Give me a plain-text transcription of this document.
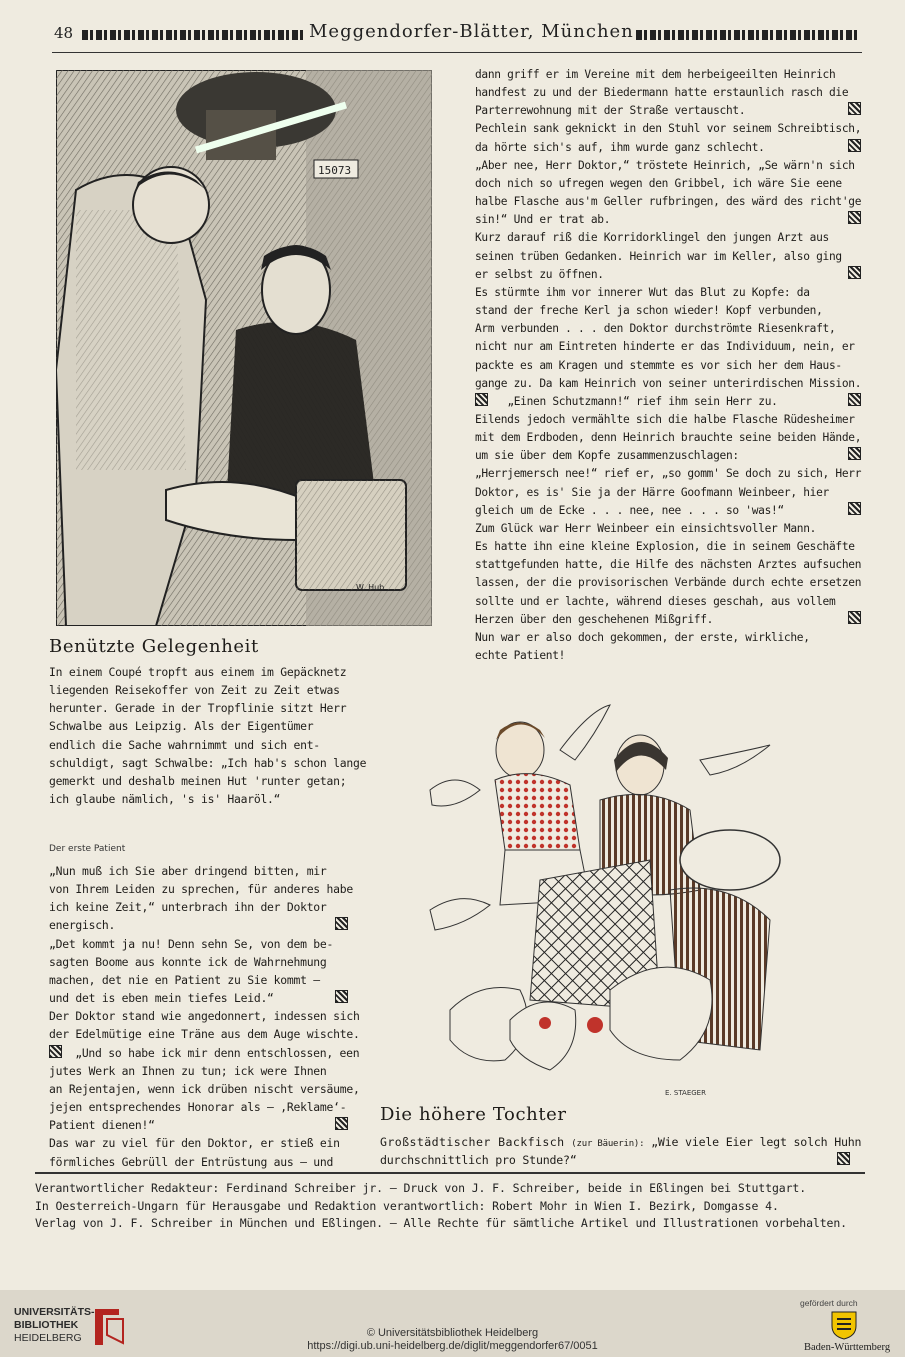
48	Meggendorfer-Blätter, München
15073
W. Hub
Benützte Gelegenheit

In einem Coupé tropft aus einem im Gepäcknetz

liegenden Reisekoffer von Zeit zu Zeit etwas

herunter. Gerade in der Tropflinie sitzt Herr

Schwalbe aus Leipzig. Als der Eigentümer

endlich die Sache wahrnimmt und sich ent-

schuldigt, sagt Schwalbe: „Ich hab's schon lange

gemerkt und deshalb meinen Hut 'runter getan;

ich glaube nämlich, 's is' Haaröl.“

Der erste Patient

„Nun muß ich Sie aber dringend bitten, mir

von Ihrem Leiden zu sprechen, für anderes habe

ich keine Zeit,“ unterbrach ihn der Doktor

energisch.

„Det kommt ja nu! Denn sehn Se, von dem be-

sagten Boome aus konnte ick de Wahrnehmung

machen, det nie en Patient zu Sie kommt —

und det is eben mein tiefes Leid.“

Der Doktor stand wie angedonnert, indessen sich

der Edelmütige eine Träne aus dem Auge wischte.

„Und so habe ick mir denn entschlossen, een

jutes Werk an Ihnen zu tun; ick were Ihnen

an Rejentajen, wenn ick drüben nischt versäume,

jejen entsprechendes Honorar als — ‚Reklame‘-

Patient dienen!“

Das war zu viel für den Doktor, er stieß ein

förmliches Gebrüll der Entrüstung aus — und

dann griff er im Vereine mit dem herbeigeeilten Heinrich

handfest zu und der Biedermann hatte erstaunlich rasch die

Parterrewohnung mit der Straße vertauscht.

Pechlein sank geknickt in den Stuhl vor seinem Schreibtisch,

da hörte sich's auf, ihm wurde ganz schlecht.

„Aber nee, Herr Doktor,“ tröstete Heinrich, „Se wärn'n sich

doch nich so ufregen wegen den Gribbel, ich wäre Sie eene

halbe Flasche aus'm Geller rufbringen, des wärd des richt'ge

sin!“ Und er trat ab.

Kurz darauf riß die Korridorklingel den jungen Arzt aus

seinen trüben Gedanken. Heinrich war im Keller, also ging

er selbst zu öffnen.

Es stürmte ihm vor innerer Wut das Blut zu Kopfe: da

stand der freche Kerl ja schon wieder! Kopf verbunden,

Arm verbunden . . . den Doktor durchströmte Riesenkraft,

nicht nur am Eintreten hinderte er das Individuum, nein, er

packte es am Kragen und stemmte es vor sich her dem Haus-

gange zu. Da kam Heinrich von seiner unterirdischen Mission.

„Einen Schutzmann!“ rief ihm sein Herr zu.

Eilends jedoch vermählte sich die halbe Flasche Rüdesheimer

mit dem Erdboden, denn Heinrich brauchte seine beiden Hände,

um sie über dem Kopfe zusammenzuschlagen:

„Herrjemersch nee!“ rief er, „so gomm' Se doch zu sich, Herr

Doktor, es is' Sie ja der Härre Goofmann Weinbeer, hier

gleich um de Ecke . . . nee, nee . . . so 'was!“

Zum Glück war Herr Weinbeer ein einsichtsvoller Mann.

Es hatte ihn eine kleine Explosion, die in seinem Geschäfte

stattgefunden hatte, die Hilfe des nächsten Arztes aufsuchen

lassen, der die provisorischen Verbände durch echte ersetzen

sollte und er lachte, während dieses geschah, aus vollem

Herzen über den geschehenen Mißgriff.

Nun war er also doch gekommen, der erste, wirkliche,

echte Patient!

E. STAEGER
Die höhere Tochter
Großstädtischer Backfisch (zur Bäuerin): „Wie viele Eier legt solch Huhn
durchschnittlich pro Stunde?“
Verantwortlicher Redakteur: Ferdinand Schreiber jr. — Druck von J. F. Schreiber, beide in Eßlingen bei Stuttgart.
In Oesterreich-Ungarn für Herausgabe und Redaktion verantwortlich: Robert Mohr in Wien I. Bezirk, Domgasse 4.
Verlag von J. F. Schreiber in München und Eßlingen. — Alle Rechte für sämtliche Artikel und Illustrationen vorbehalten.
UNIVERSITÄTS-
BIBLIOTHEK
HEIDELBERG	© Universitätsbibliothek Heidelberg
https://digi.ub.uni-heidelberg.de/diglit/meggendorfer67/0051
gefördert durch
Baden-Württemberg
